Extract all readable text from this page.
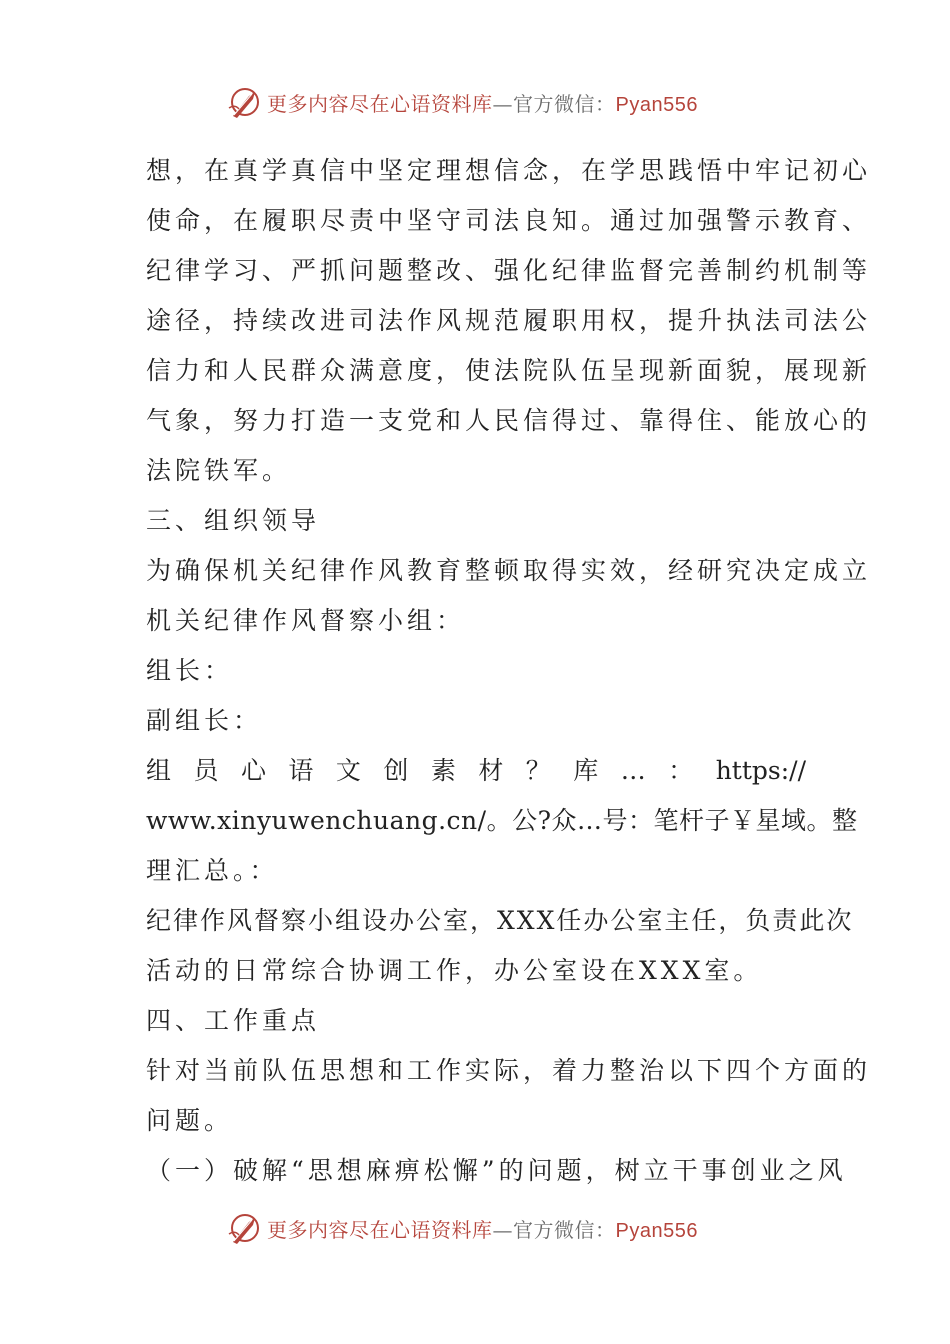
更多内容尽在心语资料库—官方微信：Pyan556
想，在真学真信中坚定理想信念，在学思践悟中牢记初心
使命，在履职尽责中坚守司法良知。通过加强警示教育、
纪律学习、严抓问题整改、强化纪律监督完善制约机制等
途径，持续改进司法作风规范履职用权，提升执法司法公
信力和人民群众满意度，使法院队伍呈现新面貌，展现新
气象，努力打造一支党和人民信得过、靠得住、能放心的
法院铁军。
三、组织领导
为确保机关纪律作风教育整顿取得实效，经研究决定成立
机关纪律作风督察小组：
组长：
副组长：
组员心语文创素材？库…：https://
www.xinyuwenchuang.cn/。公?众…号：笔杆子￥星域。整
理汇总。：
纪律作风督察小组设办公室，XXX任办公室主任，负责此次
活动的日常综合协调工作，办公室设在XXX室。
四、工作重点
针对当前队伍思想和工作实际，着力整治以下四个方面的
问题。
（一）破解“思想麻痹松懈”的问题，树立干事创业之风
更多内容尽在心语资料库—官方微信：Pyan556
